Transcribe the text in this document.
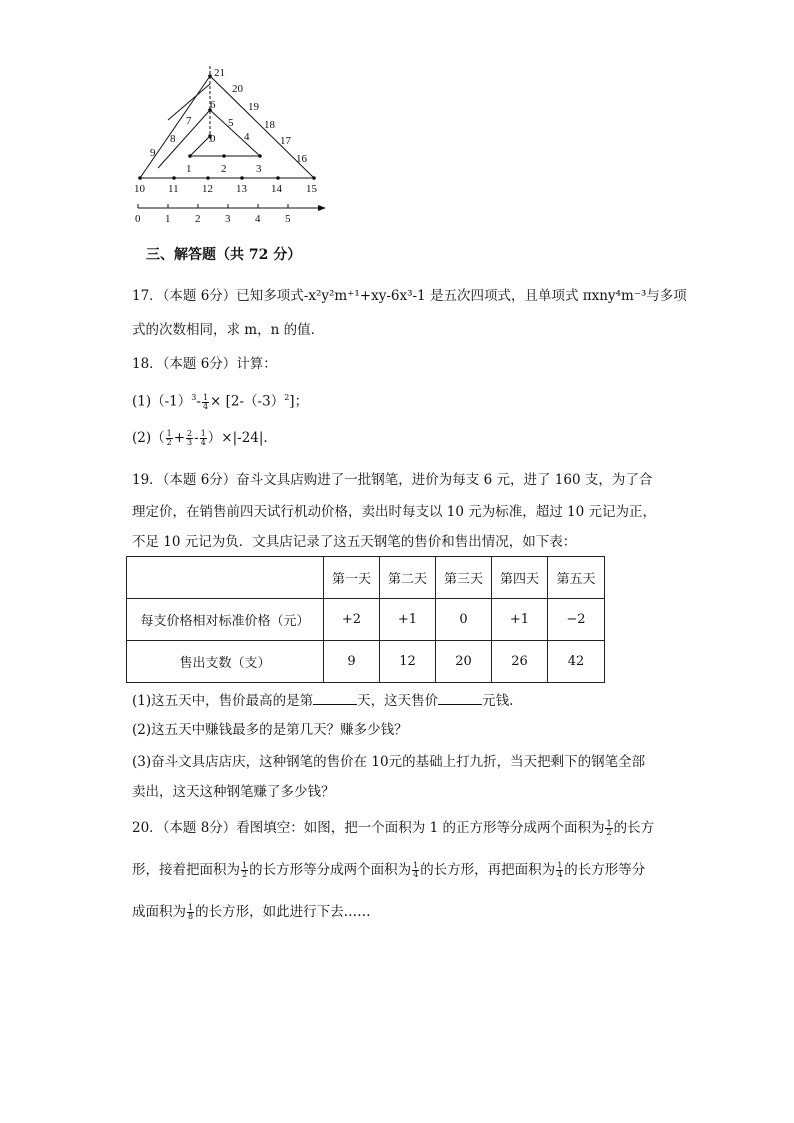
21
20
19
18
17
16
15
14
13
12
11
10
9
8
7
6
5
4
3
2
1
0
0 1 2 3 4 5
三、解答题（共 72 分）
17．（本题 6分）已知多项式-x²y²m⁺¹+xy-6x³-1 是五次四项式，且单项式 πxny⁴m⁻³与多项
式的次数相同，求 m，n 的值．
18．（本题 6分）计算：
$(1)(-1)^3- \frac{1}{4} \times [2-(-3)^2]$；
$(2)( \frac{1}{2} + \frac{2}{3} - \frac{1}{4} )\times|-24|$.
19．（本题 6分）奋斗文具店购进了一批钢笔，进价为每支 6 元，进了 160 支，为了合
理定价，在销售前四天试行机动价格，卖出时每支以 10 元为标准，超过 10 元记为正，
不足 10 元记为负．文具店记录了这五天钢笔的售价和售出情况，如下表：
	第一天	第二天	第三天	第四天	第五天
每支价格相对标准价格（元）	+2	+1	0	+1	−2
售出支数（支）	9	12	20	26	42
(1)这五天中，售价最高的是第	天，这天售价	元钱.
(2)这五天中赚钱最多的是第几天？赚多少钱？
(3)奋斗文具店店庆，这种钢笔的售价在 10元的基础上打九折，当天把剩下的钢笔全部
卖出，这天这种钢笔赚了多少钱？
20．（本题 8分）看图填空：如图，把一个面积为 1 的正方形等分成两个面积为 $\frac{1}{2}$ 的长方
形，接着把面积为 $\frac{1}{2}$ 的长方形等分成两个面积为 $\frac{1}{4}$ 的长方形，再把面积为 $\frac{1}{4}$ 的长方形等分
成面积为 $\frac{1}{8}$ 的长方形，如此进行下去……
